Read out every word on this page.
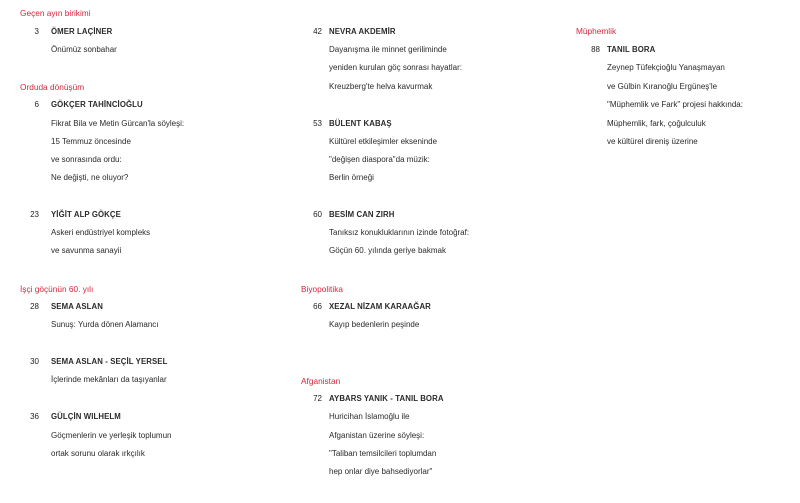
Geçen ayın birikimi
3 ÖMER LAÇİNER
Önümüz sonbahar
Orduda dönüşüm
6 GÖKÇER TAHİNCİOĞLU
Fikrat Bila ve Metin Gürcan'la söyleşi:
15 Temmuz öncesinde
ve sonrasında ordu:
Ne değişti, ne oluyor?
23 YİĞİT ALP GÖKÇE
Askeri endüstriyel kompleks
ve savunma sanayii
İşçi göçünün 60. yılı
28 SEMA ASLAN
Sunuş: Yurda dönen Alamancı
30 SEMA ASLAN - SEÇİL YERSEL
İçlerinde mekânları da taşıyanlar
36 GÜLÇİN WILHELM
Göçmenlerin ve yerleşik toplumun
ortak sorunu olarak ırkçılık
42 NEVRA AKDEMİR
Dayanışma ile minnet geriliminde
yeniden kurulan göç sonrası hayatlar:
Kreuzberg'te helva kavurmak
53 BÜLENT KABAŞ
Kültürel etkileşimler ekseninde
"değişen diaspora"da müzik:
Berlin örneği
60 BESİM CAN ZIRH
Tanıksız konukluklarının izinde fotoğraf:
Göçün 60. yılında geriye bakmak
Biyopolitika
66 XEZAL NİZAM KARAAĞAR
Kayıp bedenlerin peşinde
Afganistan
72 AYBARS YANIK - TANIL BORA
Huricihan İslamoğlu ile
Afganistan üzerine söyleşi:
"Taliban temsilcileri toplumdan
hep onlar diye bahsediyorlar"
Müphemlik
88 TANIL BORA
Zeynep Tüfekçioğlu Yanaşmayan
ve Gülbin Kıranoğlu Ergüneş'le
"Müphemlik ve Fark" projesi hakkında:
Müphemlik, fark, çoğulculuk
ve kültürel direniş üzerine
